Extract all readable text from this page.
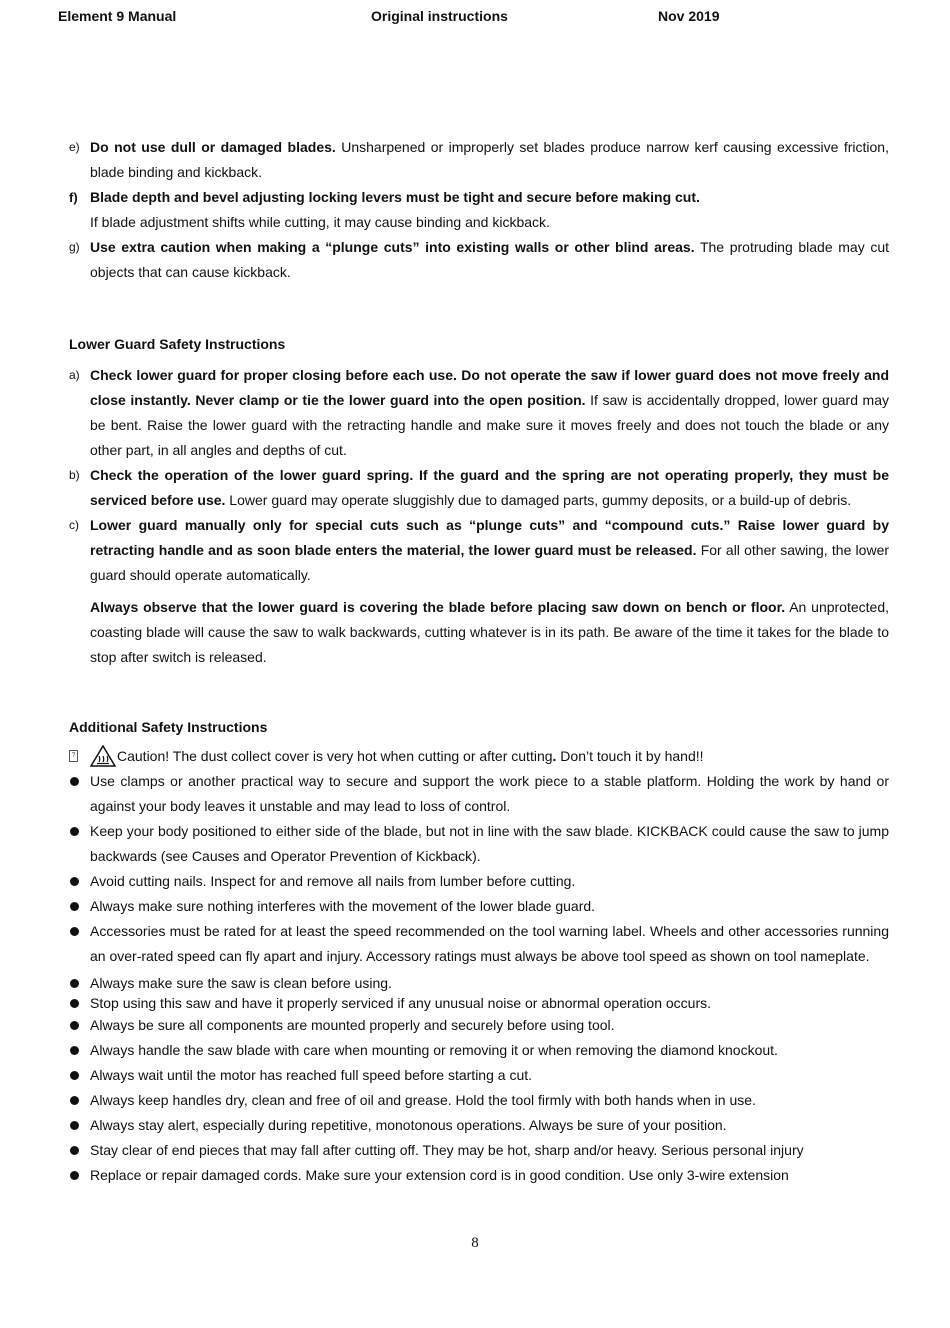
Element 9 Manual	Original instructions	Nov 2019
e) Do not use dull or damaged blades. Unsharpened or improperly set blades produce narrow kerf causing excessive friction, blade binding and kickback.
f) Blade depth and bevel adjusting locking levers must be tight and secure before making cut.
If blade adjustment shifts while cutting, it may cause binding and kickback.
g) Use extra caution when making a “plunge cuts” into existing walls or other blind areas. The protruding blade may cut objects that can cause kickback.
Lower Guard Safety Instructions
a) Check lower guard for proper closing before each use. Do not operate the saw if lower guard does not move freely and close instantly. Never clamp or tie the lower guard into the open position. If saw is accidentally dropped, lower guard may be bent. Raise the lower guard with the retracting handle and make sure it moves freely and does not touch the blade or any other part, in all angles and depths of cut.
b) Check the operation of the lower guard spring. If the guard and the spring are not operating properly, they must be serviced before use. Lower guard may operate sluggishly due to damaged parts, gummy deposits, or a build-up of debris.
c) Lower guard manually only for special cuts such as “plunge cuts” and “compound cuts.” Raise lower guard by retracting handle and as soon blade enters the material, the lower guard must be released. For all other sawing, the lower guard should operate automatically.
Always observe that the lower guard is covering the blade before placing saw down on bench or floor. An unprotected, coasting blade will cause the saw to walk backwards, cutting whatever is in its path. Be aware of the time it takes for the blade to stop after switch is released.
Additional Safety Instructions
?	Caution! The dust collect cover is very hot when cutting or after cutting. Don’t touch it by hand!!
Use clamps or another practical way to secure and support the work piece to a stable platform. Holding the work by hand or against your body leaves it unstable and may lead to loss of control.
Keep your body positioned to either side of the blade, but not in line with the saw blade. KICKBACK could cause the saw to jump backwards (see Causes and Operator Prevention of Kickback).
Avoid cutting nails. Inspect for and remove all nails from lumber before cutting.
Always make sure nothing interferes with the movement of the lower blade guard.
Accessories must be rated for at least the speed recommended on the tool warning label. Wheels and other accessories running an over-rated speed can fly apart and injury. Accessory ratings must always be above tool speed as shown on tool nameplate.
Always make sure the saw is clean before using.
Stop using this saw and have it properly serviced if any unusual noise or abnormal operation occurs.
Always be sure all components are mounted properly and securely before using tool.
Always handle the saw blade with care when mounting or removing it or when removing the diamond knockout.
Always wait until the motor has reached full speed before starting a cut.
Always keep handles dry, clean and free of oil and grease. Hold the tool firmly with both hands when in use.
Always stay alert, especially during repetitive, monotonous operations. Always be sure of your position.
Stay clear of end pieces that may fall after cutting off. They may be hot, sharp and/or heavy. Serious personal injury
Replace or repair damaged cords. Make sure your extension cord is in good condition. Use only 3-wire extension
8
